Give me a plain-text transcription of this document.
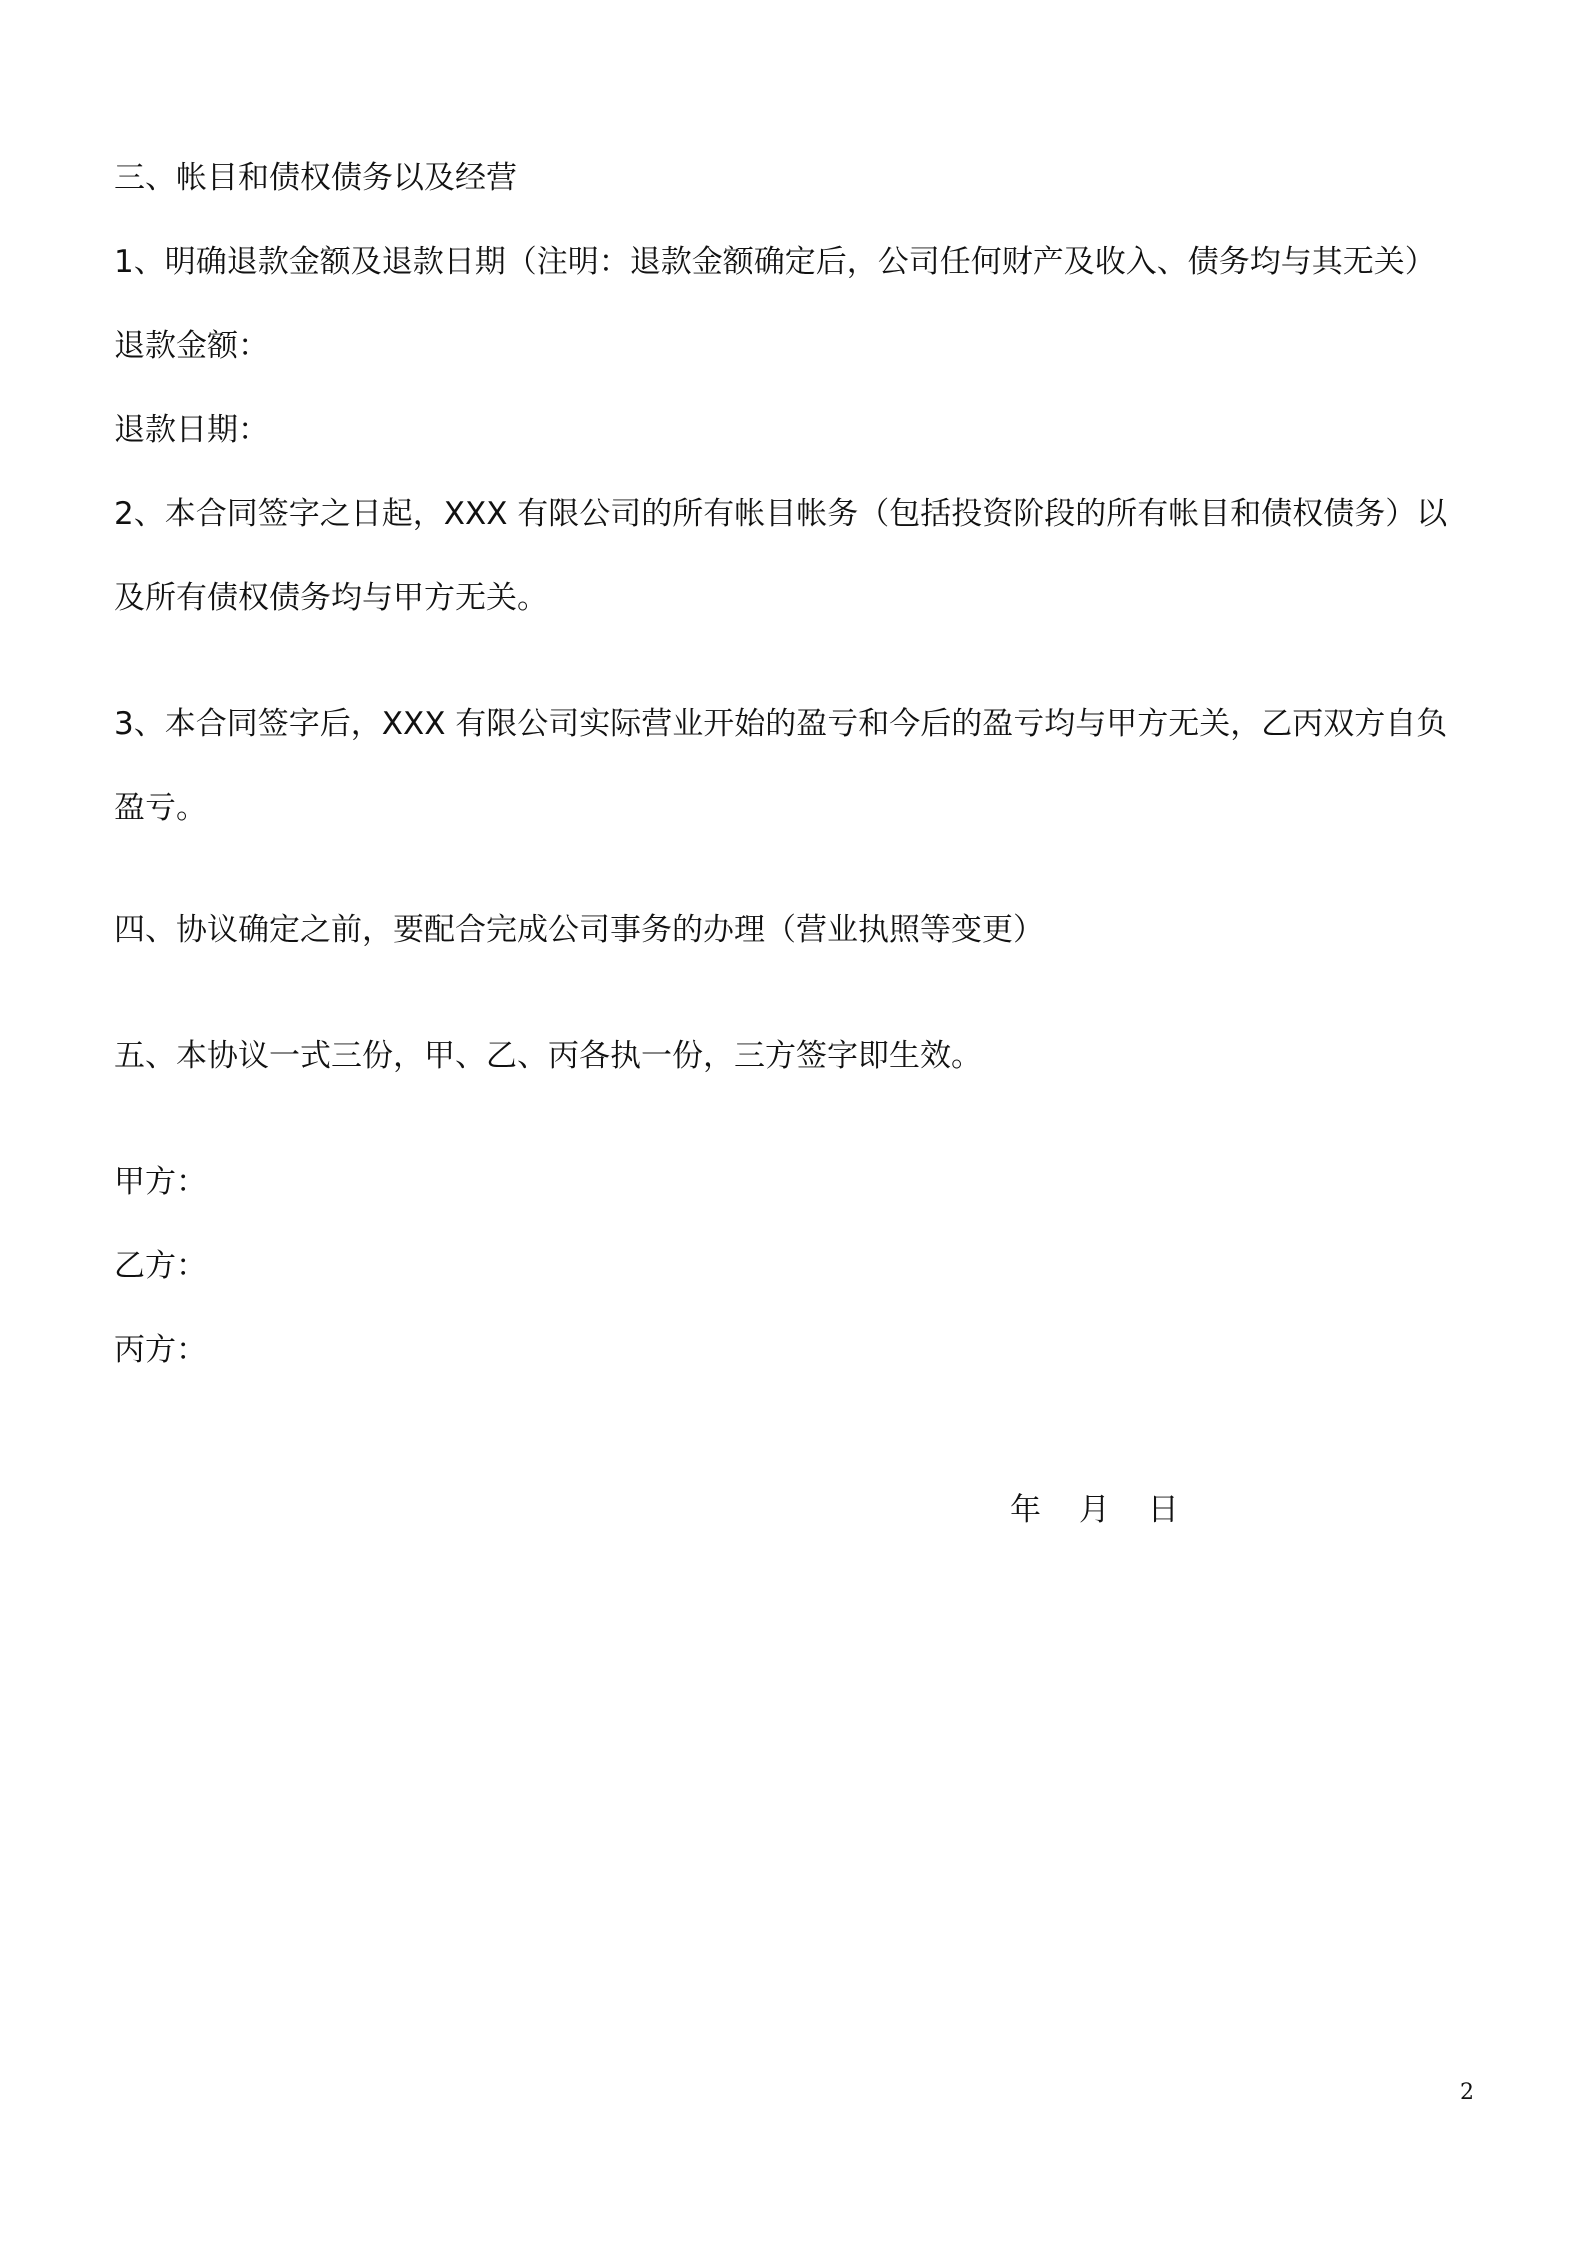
三、帐目和债权债务以及经营
1、明确退款金额及退款日期（注明：退款金额确定后，公司任何财产及收入、债务均与其无关）
退款金额：
退款日期：
2、本合同签字之日起，XXX 有限公司的所有帐目帐务（包括投资阶段的所有帐目和债权债务）以
及所有债权债务均与甲方无关。
3、本合同签字后，XXX 有限公司实际营业开始的盈亏和今后的盈亏均与甲方无关，乙丙双方自负
盈亏。
四、协议确定之前，要配合完成公司事务的办理（营业执照等变更）
五、本协议一式三份，甲、乙、丙各执一份，三方签字即生效。
甲方：
乙方：
丙方：
年 月 日
2
